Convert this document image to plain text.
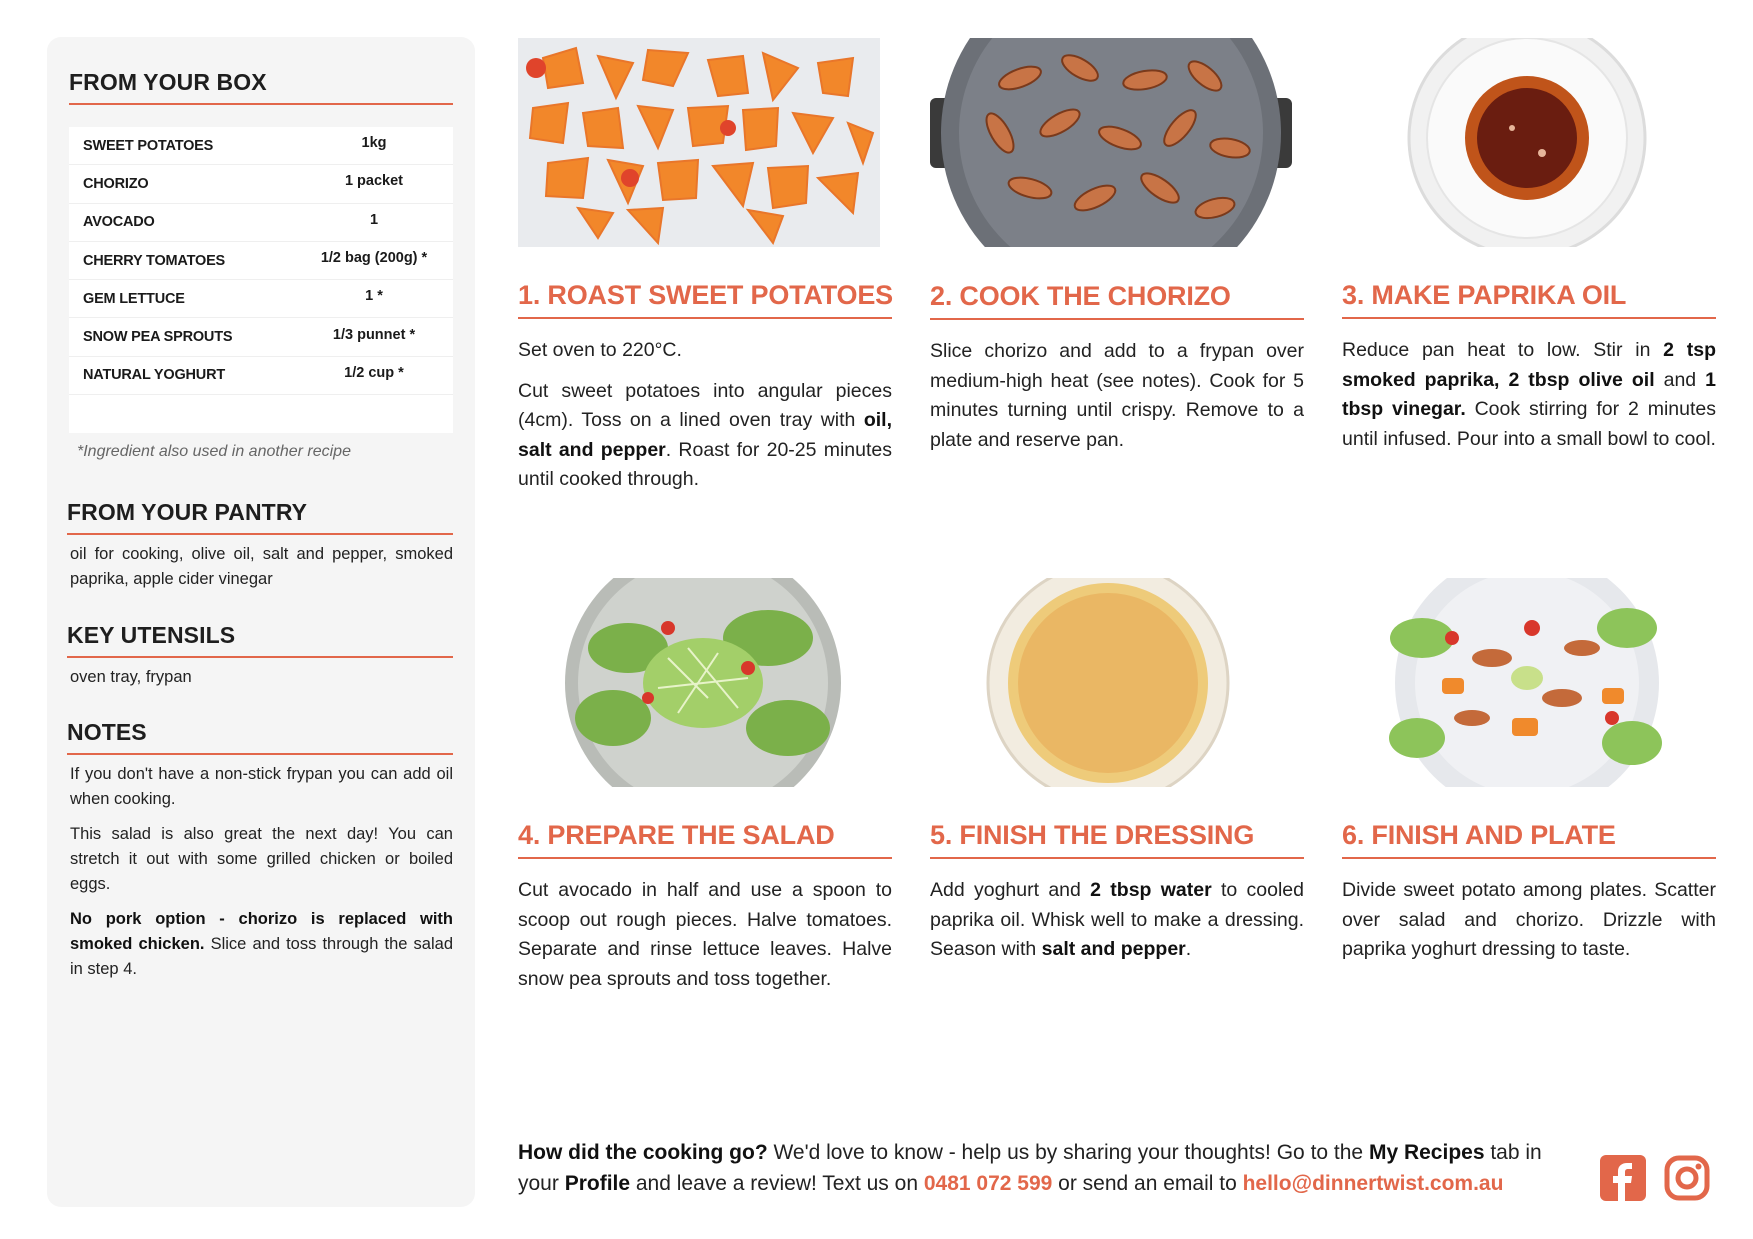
FROM YOUR BOX
SWEET POTATOES	1kg
CHORIZO	1 packet
AVOCADO	1
CHERRY TOMATOES	1/2 bag (200g) *
GEM LETTUCE	1 *
SNOW PEA SPROUTS	1/3 punnet *
NATURAL YOGHURT	1/2 cup *
*Ingredient also used in another recipe
FROM YOUR PANTRY
oil for cooking, olive oil, salt and pepper, smoked paprika, apple cider vinegar
KEY UTENSILS
oven tray, frypan
NOTES

If you don't have a non-stick frypan you can add oil when cooking.

This salad is also great the next day! You can stretch it out with some grilled chicken or boiled eggs.

No pork option - chorizo is replaced with smoked chicken. Slice and toss through the salad in step 4.

1. ROAST SWEET POTATOES

Set oven to 220°C.

Cut sweet potatoes into angular pieces (4cm). Toss on a lined oven tray with oil, salt and pepper. Roast for 20-25 minutes until cooked through.

2. COOK THE CHORIZO

Slice chorizo and add to a frypan over medium-high heat (see notes). Cook for 5 minutes turning until crispy. Remove to a plate and reserve pan.

3. MAKE PAPRIKA OIL

Reduce pan heat to low. Stir in 2 tsp smoked paprika, 2 tbsp olive oil and 1 tbsp vinegar. Cook stirring for 2 minutes until infused. Pour into a small bowl to cool.

4. PREPARE THE SALAD

Cut avocado in half and use a spoon to scoop out rough pieces. Halve tomatoes. Separate and rinse lettuce leaves. Halve snow pea sprouts and toss together.

5. FINISH THE DRESSING

Add yoghurt and 2 tbsp water to cooled paprika oil. Whisk well to make a dressing. Season with salt and pepper.

6. FINISH AND PLATE

Divide sweet potato among plates. Scatter over salad and chorizo. Drizzle with paprika yoghurt dressing to taste.

How did the cooking go? We'd love to know - help us by sharing your thoughts! Go to the My Recipes tab in your Profile and leave a review! Text us on 0481 072 599 or send an email to hello@dinnertwist.com.au
